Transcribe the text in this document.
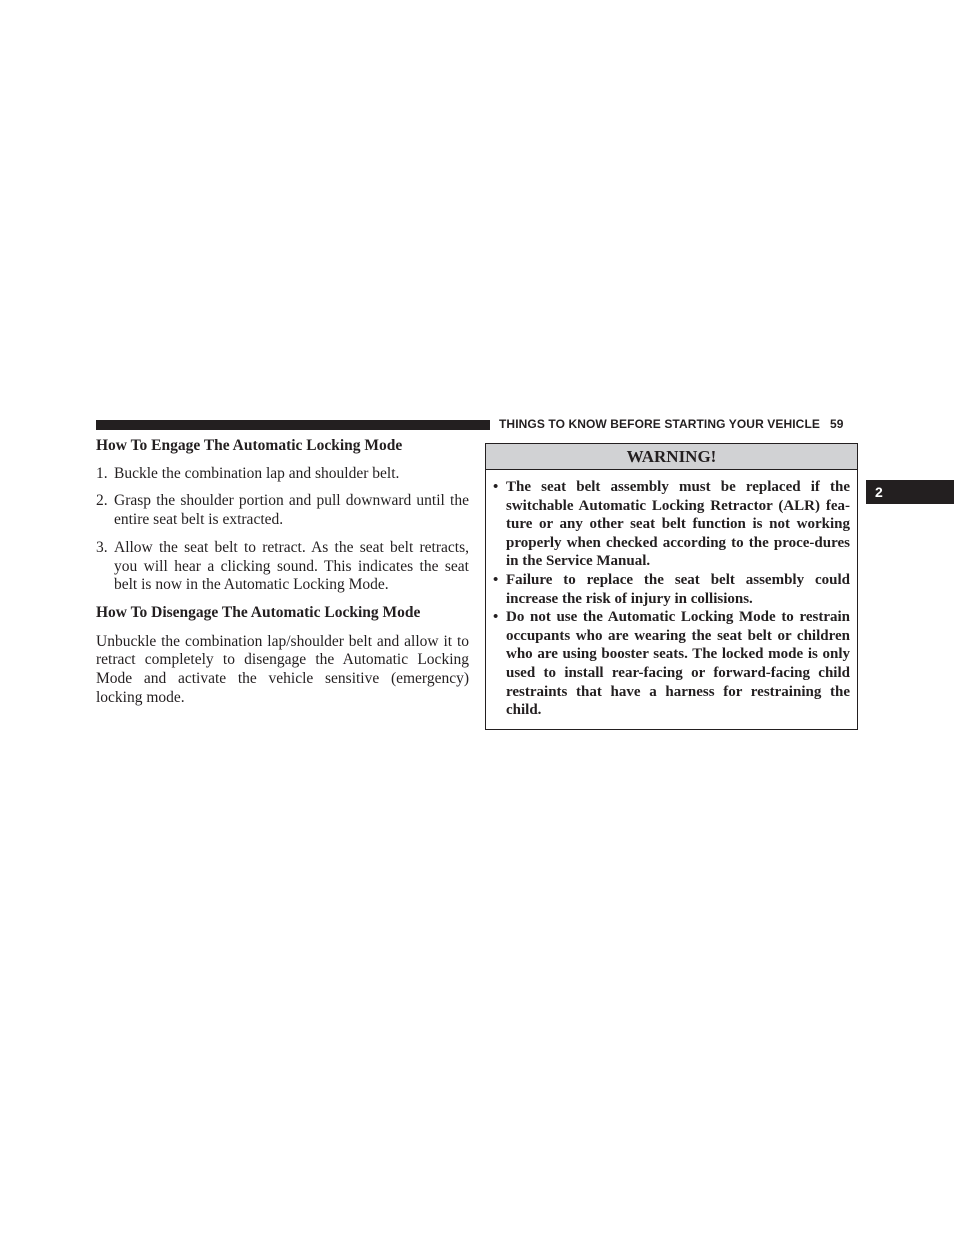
THINGS TO KNOW BEFORE STARTING YOUR VEHICLE 59
2

How To Engage The Automatic Locking Mode

1. Buckle the combination lap and shoulder belt.
2. Grasp the shoulder portion and pull downward until the entire seat belt is extracted.
3. Allow the seat belt to retract. As the seat belt retracts, you will hear a clicking sound. This indicates the seat belt is now in the Automatic Locking Mode.

How To Disengage The Automatic Locking Mode

Unbuckle the combination lap/shoulder belt and allow it to retract completely to disengage the Automatic Locking Mode and activate the vehicle sensitive (emergency) locking mode.

WARNING!
• The seat belt assembly must be replaced if the switchable Automatic Locking Retractor (ALR) fea-ture or any other seat belt function is not working properly when checked according to the proce-dures in the Service Manual.
• Failure to replace the seat belt assembly could increase the risk of injury in collisions.
• Do not use the Automatic Locking Mode to restrain occupants who are wearing the seat belt or children who are using booster seats. The locked mode is only used to install rear-facing or forward-facing child restraints that have a harness for restraining the child.
